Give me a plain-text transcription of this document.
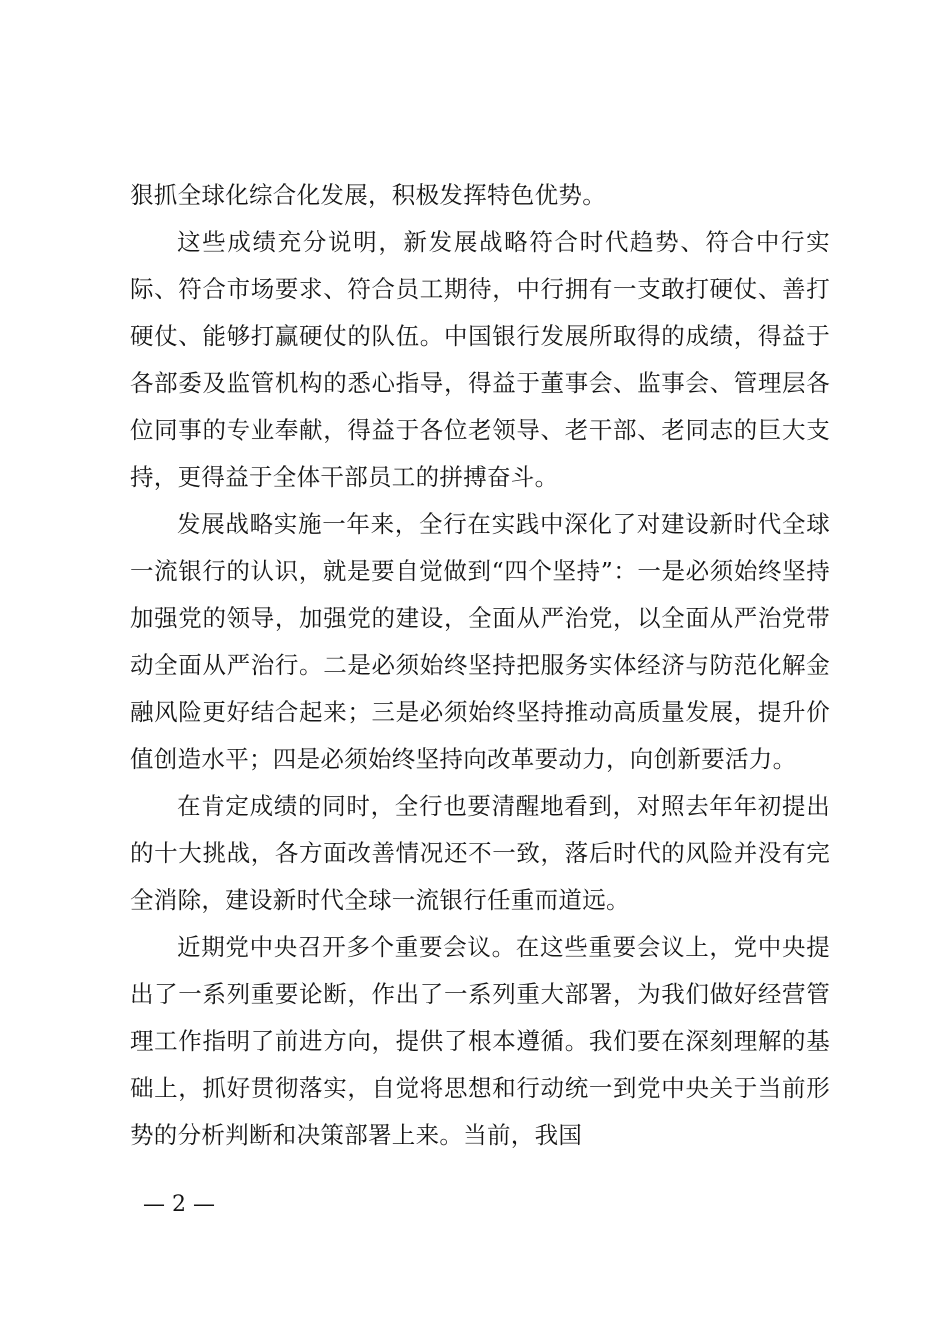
狠抓全球化综合化发展，积极发挥特色优势。

这些成绩充分说明，新发展战略符合时代趋势、符合中行实际、符合市场要求、符合员工期待，中行拥有一支敢打硬仗、善打硬仗、能够打赢硬仗的队伍。中国银行发展所取得的成绩，得益于各部委及监管机构的悉心指导，得益于董事会、监事会、管理层各位同事的专业奉献，得益于各位老领导、老干部、老同志的巨大支持，更得益于全体干部员工的拼搏奋斗。

发展战略实施一年来，全行在实践中深化了对建设新时代全球一流银行的认识，就是要自觉做到“四个坚持”：一是必须始终坚持加强党的领导，加强党的建设，全面从严治党，以全面从严治党带动全面从严治行。二是必须始终坚持把服务实体经济与防范化解金融风险更好结合起来；三是必须始终坚持推动高质量发展，提升价值创造水平；四是必须始终坚持向改革要动力，向创新要活力。

在肯定成绩的同时，全行也要清醒地看到，对照去年年初提出的十大挑战，各方面改善情况还不一致，落后时代的风险并没有完全消除，建设新时代全球一流银行任重而道远。

近期党中央召开多个重要会议。在这些重要会议上，党中央提出了一系列重要论断，作出了一系列重大部署，为我们做好经营管理工作指明了前进方向，提供了根本遵循。我们要在深刻理解的基础上，抓好贯彻落实，自觉将思想和行动统一到党中央关于当前形势的分析判断和决策部署上来。当前，我国

— 2 —
